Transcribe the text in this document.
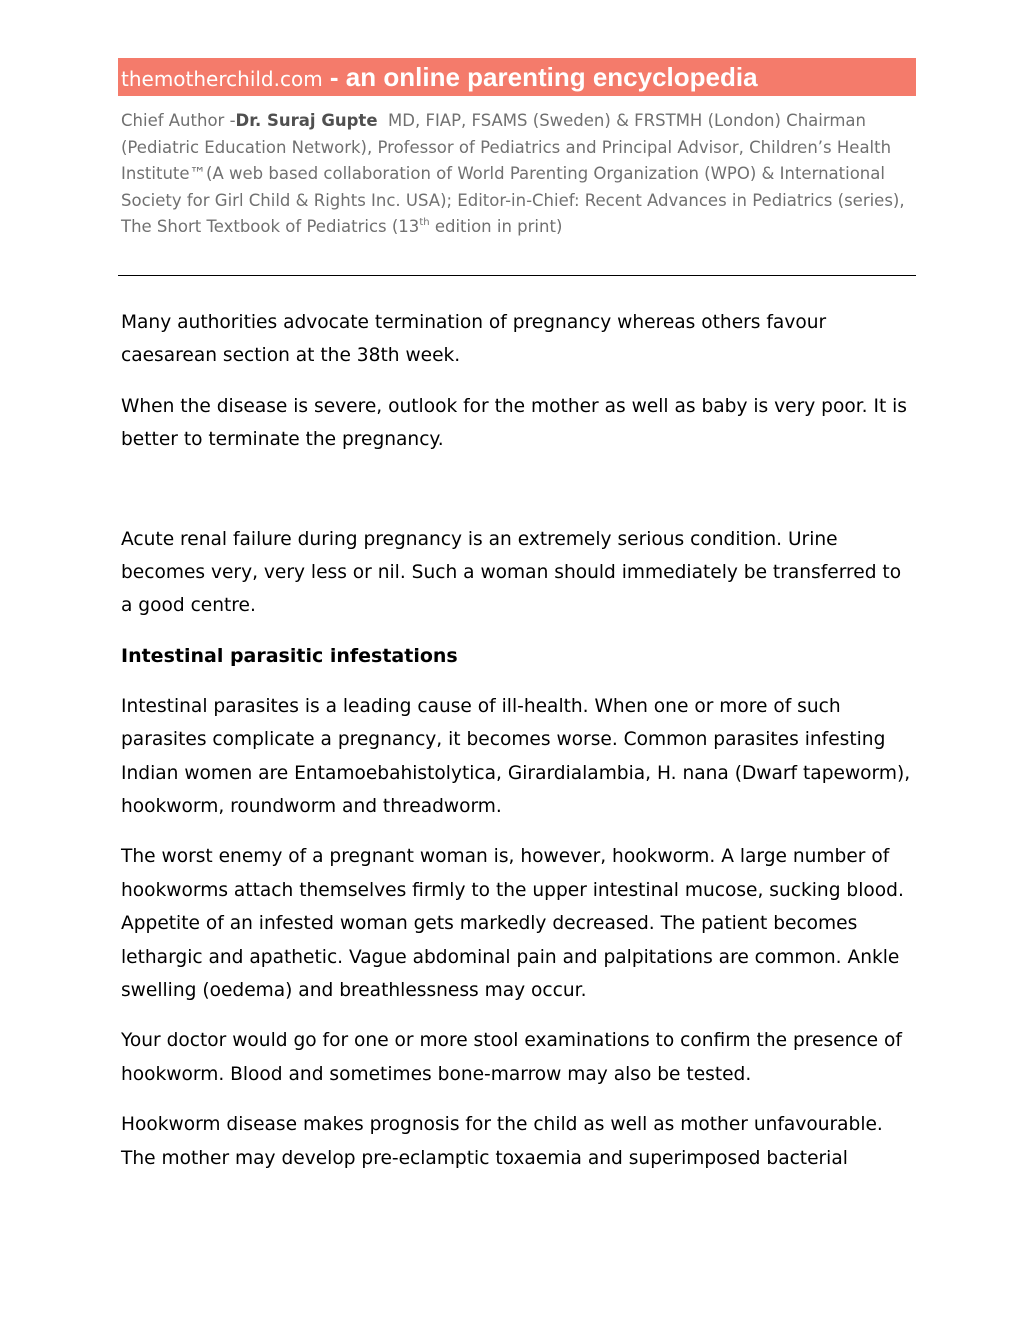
themotherchild.com - an online parenting encyclopedia
Chief Author -Dr. Suraj Gupte MD, FIAP, FSAMS (Sweden) & FRSTMH (London) Chairman (Pediatric Education Network), Professor of Pediatrics and Principal Advisor, Children’s Health Institute™(A web based collaboration of World Parenting Organization (WPO) & International Society for Girl Child & Rights Inc. USA); Editor-in-Chief: Recent Advances in Pediatrics (series), The Short Textbook of Pediatrics (13th edition in print)

Many authorities advocate termination of pregnancy whereas others favour caesarean section at the 38th week.

When the disease is severe, outlook for the mother as well as baby is very poor. It is better to terminate the pregnancy.

Acute renal failure during pregnancy is an extremely serious condition. Urine becomes very, very less or nil. Such a woman should immediately be transferred to a good centre.

Intestinal parasitic infestations

Intestinal parasites is a leading cause of ill-health. When one or more of such parasites complicate a pregnancy, it becomes worse. Common parasites infesting Indian women are Entamoebahistolytica, Girardialambia, H. nana (Dwarf tapeworm), hookworm, roundworm and threadworm.

The worst enemy of a pregnant woman is, however, hookworm. A large number of hookworms attach themselves firmly to the upper intestinal mucose, sucking blood. Appetite of an infested woman gets markedly decreased. The patient becomes lethargic and apathetic. Vague abdominal pain and palpitations are common. Ankle swelling (oedema) and breathlessness may occur.

Your doctor would go for one or more stool examinations to confirm the presence of hookworm. Blood and sometimes bone-marrow may also be tested.

Hookworm disease makes prognosis for the child as well as mother unfavourable. The mother may develop pre-eclamptic toxaemia and superimposed bacterial
